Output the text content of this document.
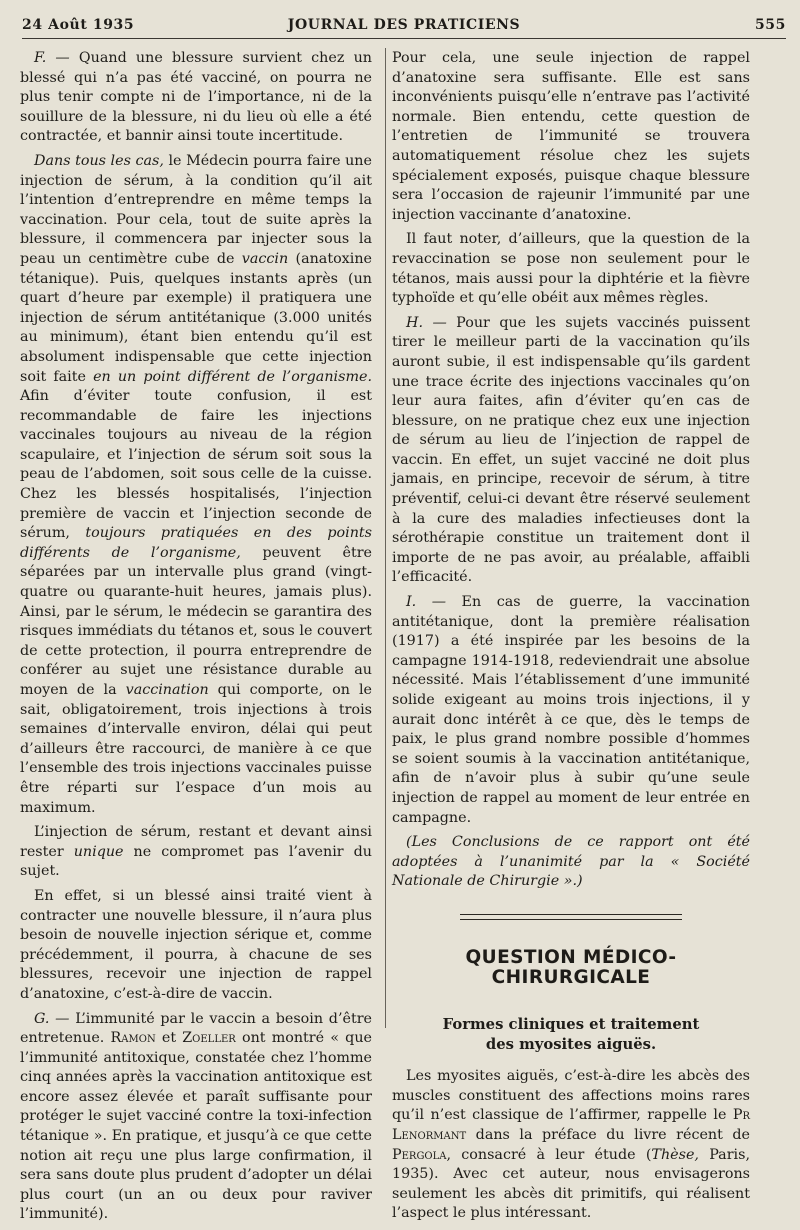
24 Août 1935	JOURNAL DES PRATICIENS	555

F. — Quand une blessure survient chez un blessé qui n’a pas été vacciné, on pourra ne plus tenir compte ni de l’importance, ni de la souillure de la blessure, ni du lieu où elle a été contractée, et bannir ainsi toute incertitude.

Dans tous les cas, le Médecin pourra faire une injection de sérum, à la condition qu’il ait l’intention d’entreprendre en même temps la vaccination. Pour cela, tout de suite après la blessure, il commencera par injecter sous la peau un centimètre cube de vaccin (anatoxine tétanique). Puis, quelques instants après (un quart d’heure par exemple) il pratiquera une injection de sérum antitétanique (3.000 unités au minimum), étant bien entendu qu’il est absolument indispensable que cette injection soit faite en un point différent de l’organisme. Afin d’éviter toute confusion, il est recommandable de faire les injections vaccinales toujours au niveau de la région scapulaire, et l’injection de sérum soit sous la peau de l’abdomen, soit sous celle de la cuisse. Chez les blessés hospitalisés, l’injection première de vaccin et l’injection seconde de sérum, toujours pratiquées en des points différents de l’organisme, peuvent être séparées par un intervalle plus grand (vingt-quatre ou quarante-huit heures, jamais plus). Ainsi, par le sérum, le médecin se garantira des risques immédiats du tétanos et, sous le couvert de cette protection, il pourra entreprendre de conférer au sujet une résistance durable au moyen de la vaccination qui comporte, on le sait, obligatoirement, trois injections à trois semaines d’intervalle environ, délai qui peut d’ailleurs être raccourci, de manière à ce que l’ensemble des trois injections vaccinales puisse être réparti sur l’espace d’un mois au maximum.

L’injection de sérum, restant et devant ainsi rester unique ne compromet pas l’avenir du sujet.

En effet, si un blessé ainsi traité vient à contracter une nouvelle blessure, il n’aura plus besoin de nouvelle injection sérique et, comme précédemment, il pourra, à chacune de ses blessures, recevoir une injection de rappel d’anatoxine, c’est-à-dire de vaccin.

G. — L’immunité par le vaccin a besoin d’être entretenue. Ramon et Zoeller ont montré « que l’immunité antitoxique, constatée chez l’homme cinq années après la vaccination antitoxique est encore assez élevée et paraît suffisante pour protéger le sujet vacciné contre la toxi-infection tétanique ». En pratique, et jusqu’à ce que cette notion ait reçu une plus large confirmation, il sera sans doute plus prudent d’adopter un délai plus court (un an ou deux pour raviver l’immunité).

Pour cela, une seule injection de rappel d’anatoxine sera suffisante. Elle est sans inconvénients puisqu’elle n’entrave pas l’activité normale. Bien entendu, cette question de l’entretien de l’immunité se trouvera automatiquement résolue chez les sujets spécialement exposés, puisque chaque blessure sera l’occasion de rajeunir l’immunité par une injection vaccinante d’anatoxine.

Il faut noter, d’ailleurs, que la question de la revaccination se pose non seulement pour le tétanos, mais aussi pour la diphtérie et la fièvre typhoïde et qu’elle obéit aux mêmes règles.

H. — Pour que les sujets vaccinés puissent tirer le meilleur parti de la vaccination qu’ils auront subie, il est indispensable qu’ils gardent une trace écrite des injections vaccinales qu’on leur aura faites, afin d’éviter qu’en cas de blessure, on ne pratique chez eux une injection de sérum au lieu de l’injection de rappel de vaccin. En effet, un sujet vacciné ne doit plus jamais, en principe, recevoir de sérum, à titre préventif, celui-ci devant être réservé seulement à la cure des maladies infectieuses dont la sérothérapie constitue un traitement dont il importe de ne pas avoir, au préalable, affaibli l’efficacité.

I. — En cas de guerre, la vaccination antitétanique, dont la première réalisation (1917) a été inspirée par les besoins de la campagne 1914-1918, redeviendrait une absolue nécessité. Mais l’établissement d’une immunité solide exigeant au moins trois injections, il y aurait donc intérêt à ce que, dès le temps de paix, le plus grand nombre possible d’hommes se soient soumis à la vaccination antitétanique, afin de n’avoir plus à subir qu’une seule injection de rappel au moment de leur entrée en campagne.

(Les Conclusions de ce rapport ont été adoptées à l’unanimité par la « Société Nationale de Chirurgie ».)

QUESTION MÉDICO-CHIRURGICALE
Formes cliniques et traitement
des myosites aiguës.

Les myosites aiguës, c’est-à-dire les abcès des muscles constituent des affections moins rares qu’il n’est classique de l’affirmer, rappelle le Pr Lenormant dans la préface du livre récent de Pergola, consacré à leur étude (Thèse, Paris, 1935). Avec cet auteur, nous envisagerons seulement les abcès dit primitifs, qui réalisent l’aspect le plus intéressant.
